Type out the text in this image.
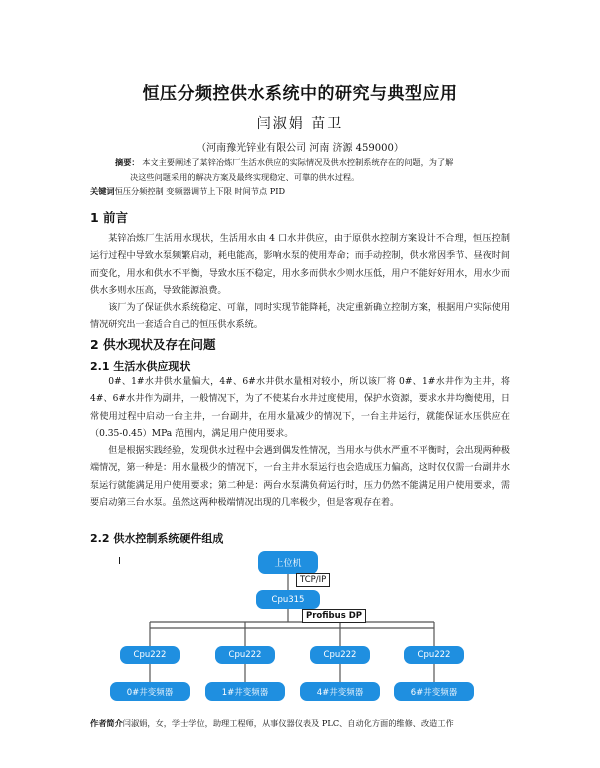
恒压分频控供水系统中的研究与典型应用
闫淑娟 苗卫
（河南豫光锌业有限公司 河南 济源 459000）
摘要： 本文主要阐述了某锌冶炼厂生活水供应的实际情况及供水控制系统存在的问题，为了解
决这些问题采用的解决方案及最终实现稳定、可靠的供水过程。
关键词恒压分频控制 变频器调节上下限 时间节点 PID
1 前言
某锌冶炼厂生活用水现状，生活用水由 4 口水井供应，由于原供水控制方案设计不合理，恒压控制运行过程中导致水泵频繁启动，耗电能高，影响水泵的使用寿命；而手动控制，供水常因季节、昼夜时间而变化，用水和供水不平衡，导致水压不稳定，用水多而供水少则水压低，用户不能好好用水，用水少而供水多则水压高，导致能源浪费。
该厂为了保证供水系统稳定、可靠，同时实现节能降耗，决定重新确立控制方案，根据用户实际使用情况研究出一套适合自己的恒压供水系统。
2 供水现状及存在问题
2.1 生活水供应现状
0#、1#水井供水量偏大，4#、6#水井供水量相对较小，所以该厂将 0#、1#水井作为主井，将 4#、6#水井作为副井，一般情况下，为了不使某台水井过度使用，保护水资源，要求水井均衡使用，日常使用过程中启动一台主井，一台副井，在用水量减少的情况下，一台主井运行，就能保证水压供应在（0.35-0.45）MPa 范围内，满足用户使用要求。
但是根据实践经验，发现供水过程中会遇到偶发性情况，当用水与供水严重不平衡时，会出现两种极端情况，第一种是：用水量极少的情况下，一台主井水泵运行也会造成压力偏高，这时仅仅需一台副井水泵运行就能满足用户使用要求；第二种是：两台水泵满负荷运行时，压力仍然不能满足用户使用要求，需要启动第三台水泵。虽然这两种极端情况出现的几率极少，但是客观存在着。
2.2 供水控制系统硬件组成
I	上位机
TCP/IP
Cpu315
Profibus DP
Cpu222	Cpu222	Cpu222	Cpu222
0#井变频器	1#井变频器	4#井变频器	6#井变频器
作者简介闫淑娟，女，学士学位，助理工程师，从事仪器仪表及 PLC、自动化方面的维修、改造工作
